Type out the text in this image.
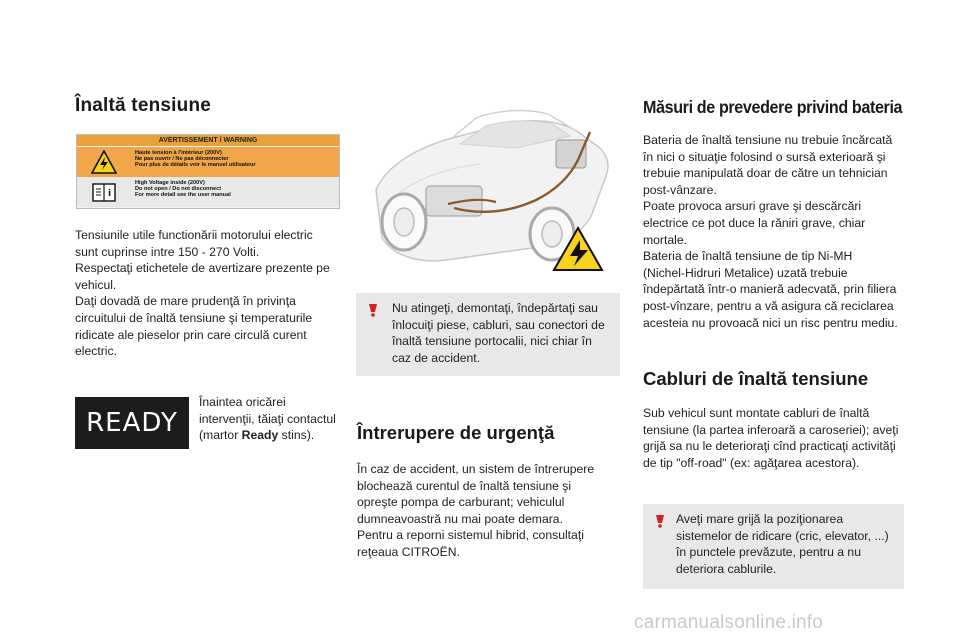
Înaltă tensiune
AVERTISSEMENT / WARNING
Haute tension à l'intérieur (200V)
Ne pas ouvrir / Ne pas déconnecter
Pour plus de détails voir le manuel utilisateur
i
High Voltage inside (200V)
Do not open / Do not disconnect
For more detail see the user manual

Tensiunile utile functionării motorului electric
sunt cuprinse intre 150 - 270 Volti.
Respectaţi etichetele de avertizare prezente pe
vehicul.
Daţi dovadă de mare prudenţă în privinţa
circuitului de înaltă tensiune şi temperaturile
ridicate ale pieselor prin care circulă curent
electric.

READY

Înaintea oricărei
intervenţii, tăiaţi contactul
(martor Ready stins).

Nu atingeţi, demontaţi, îndepărtaţi sau
înlocuiţi piese, cabluri, sau conectori de
înaltă tensiune portocalii, nici chiar în
caz de accident.

Întrerupere de urgenţă

În caz de accident, un sistem de întrerupere
blochează curentul de înaltă tensiune şi
opreşte pompa de carburant; vehiculul
dumneavoastră nu mai poate demara.
Pentru a reporni sistemul hibrid, consultaţi
reţeaua CITROËN.

Măsuri de prevedere privind bateria

Bateria de înaltă tensiune nu trebuie încărcată
în nici o situaţie folosind o sursă exterioară şi
trebuie manipulată doar de către un tehnician
post-vânzare.
Poate provoca arsuri grave şi descărcări
electrice ce pot duce la răniri grave, chiar
mortale.
Bateria de înaltă tensiune de tip Ni-MH
(Nichel-Hidruri Metalice) uzată trebuie
îndepărtată într-o manieră adecvată, prin filiera
post-vînzare, pentru a vă asigura că reciclarea
acesteia nu provoacă nici un risc pentru mediu.

Cabluri de înaltă tensiune

Sub vehicul sunt montate cabluri de înaltă
tensiune (la partea inferoară a caroseriei); aveţi
grijă sa nu le deterioraţi cînd practicaţi activităţi
de tip "off-road" (ex: agăţarea acestora).

Aveţi mare grijă la poziţionarea
sistemelor de ridicare (cric, elevator, ...)
în punctele prevăzute, pentru a nu
deteriora cablurile.

carmanualsonline.info
